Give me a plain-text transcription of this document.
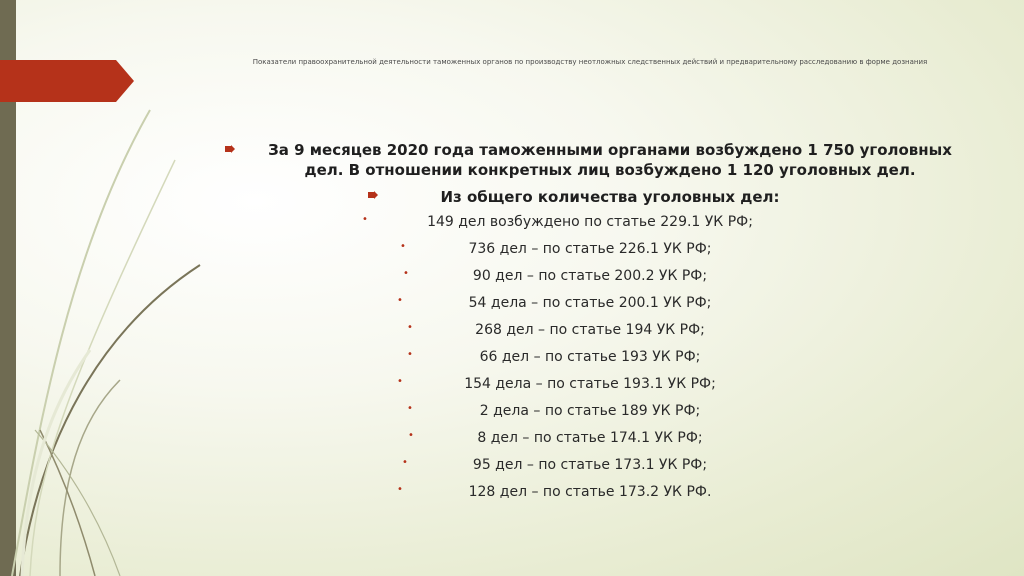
Показатели правоохранительной деятельности таможенных органов по производству неотложных следственных действий и предварительному расследованию в форме дознания
За 9 месяцев 2020 года таможенными органами возбуждено 1 750 уголовных
дел. В отношении конкретных лиц возбуждено 1 120 уголовных дел.
Из общего количества уголовных дел:
•	149 дел возбуждено по статье 229.1 УК РФ;
•	736 дел – по статье 226.1 УК РФ;
•	90 дел – по статье 200.2 УК РФ;
•	54 дела – по статье 200.1 УК РФ;
•	268 дел – по статье 194 УК РФ;
•	66 дел – по статье 193 УК РФ;
•	154 дела – по статье 193.1 УК РФ;
•	2 дела – по статье 189 УК РФ;
•	8 дел – по статье 174.1 УК РФ;
•	95 дел – по статье 173.1 УК РФ;
•	128 дел – по статье 173.2 УК РФ.
